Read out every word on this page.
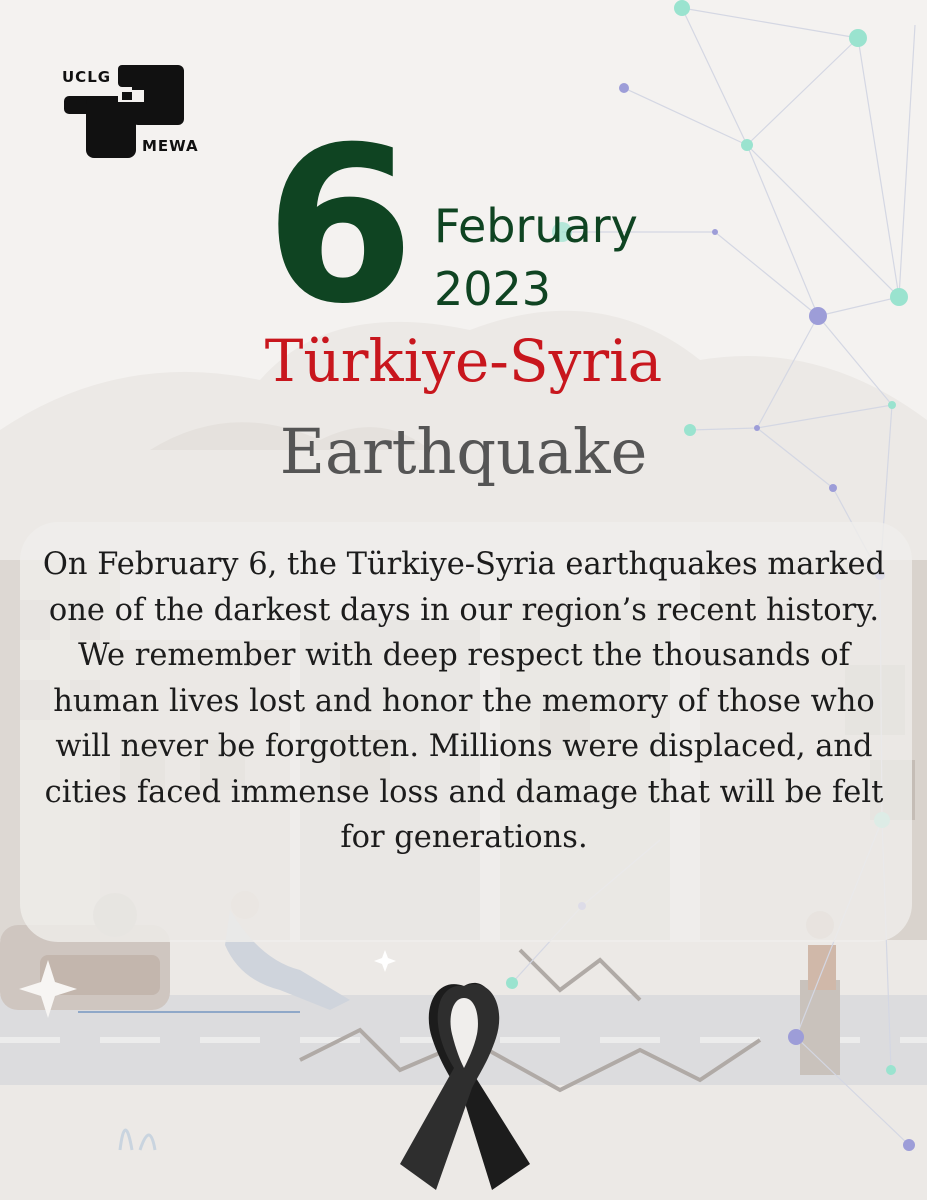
UCLG
MEWA 6 February
2023
Türkiye-Syria
Earthquake

On February 6, the Türkiye-Syria earthquakes marked one of the darkest days in our region’s recent history. We remember with deep respect the thousands of human lives lost and honor the memory of those who will never be forgotten. Millions were displaced, and cities faced immense loss and damage that will be felt for generations.
